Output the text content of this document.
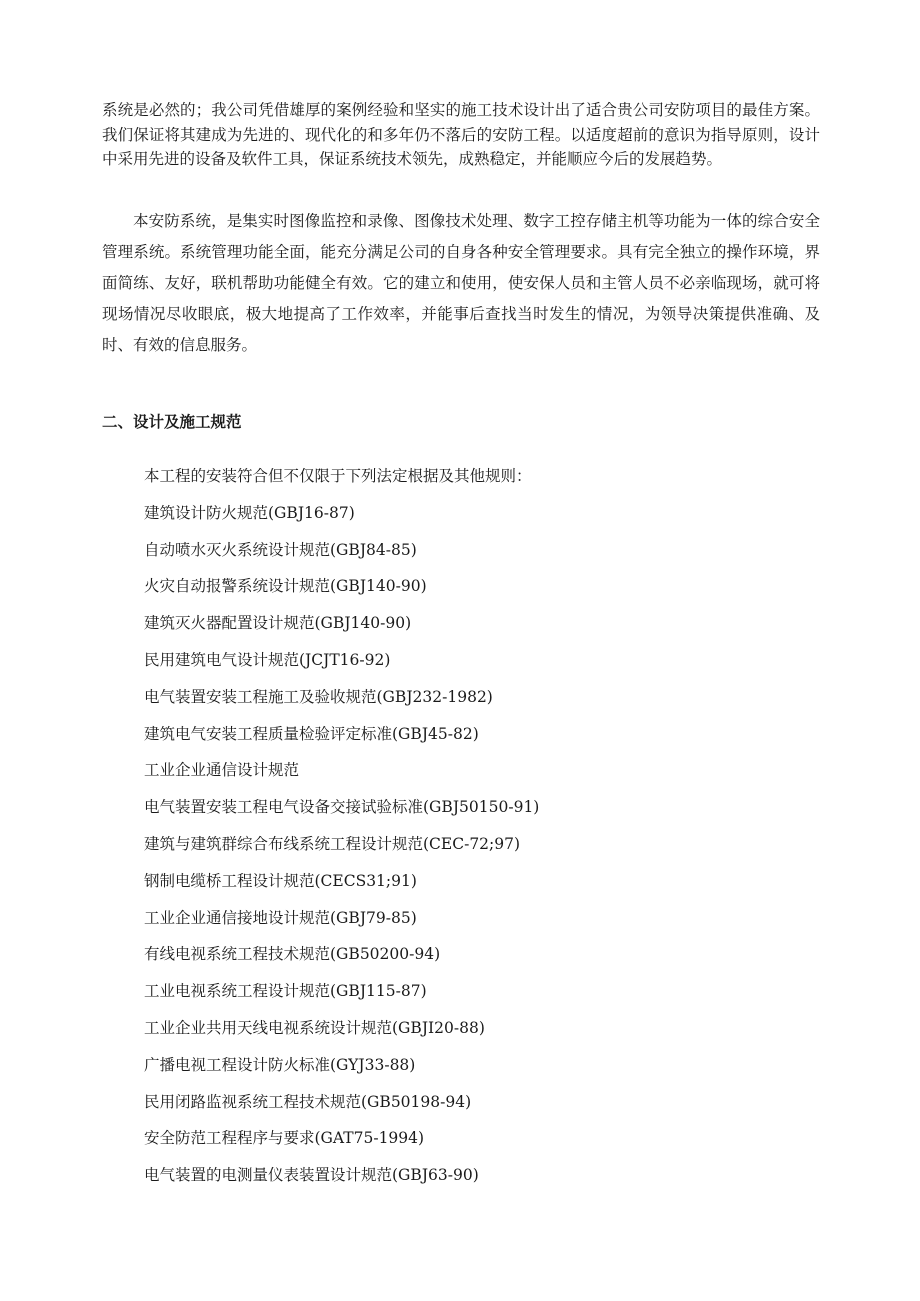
系统是必然的；我公司凭借雄厚的案例经验和坚实的施工技术设计出了适合贵公司安防项目的最佳方案。我们保证将其建成为先进的、现代化的和多年仍不落后的安防工程。以适度超前的意识为指导原则，设计中采用先进的设备及软件工具，保证系统技术领先，成熟稳定，并能顺应今后的发展趋势。

本安防系统，是集实时图像监控和录像、图像技术处理、数字工控存储主机等功能为一体的综合安全管理系统。系统管理功能全面，能充分满足公司的自身各种安全管理要求。具有完全独立的操作环境，界面简练、友好，联机帮助功能健全有效。它的建立和使用，使安保人员和主管人员不必亲临现场，就可将现场情况尽收眼底，极大地提高了工作效率，并能事后查找当时发生的情况，为领导决策提供准确、及时、有效的信息服务。

二、设计及施工规范
本工程的安装符合但不仅限于下列法定根据及其他规则：
建筑设计防火规范(GBJ16-87)
自动喷水灭火系统设计规范(GBJ84-85)
火灾自动报警系统设计规范(GBJ140-90)
建筑灭火器配置设计规范(GBJ140-90)
民用建筑电气设计规范(JCJT16-92)
电气装置安装工程施工及验收规范(GBJ232-1982)
建筑电气安装工程质量检验评定标准(GBJ45-82)
工业企业通信设计规范
电气装置安装工程电气设备交接试验标准(GBJ50150-91)
建筑与建筑群综合布线系统工程设计规范(CEC-72;97)
钢制电缆桥工程设计规范(CECS31;91)
工业企业通信接地设计规范(GBJ79-85)
有线电视系统工程技术规范(GB50200-94)
工业电视系统工程设计规范(GBJ115-87)
工业企业共用天线电视系统设计规范(GBJI20-88)
广播电视工程设计防火标准(GYJ33-88)
民用闭路监视系统工程技术规范(GB50198-94)
安全防范工程程序与要求(GAT75-1994)
电气装置的电测量仪表装置设计规范(GBJ63-90)
